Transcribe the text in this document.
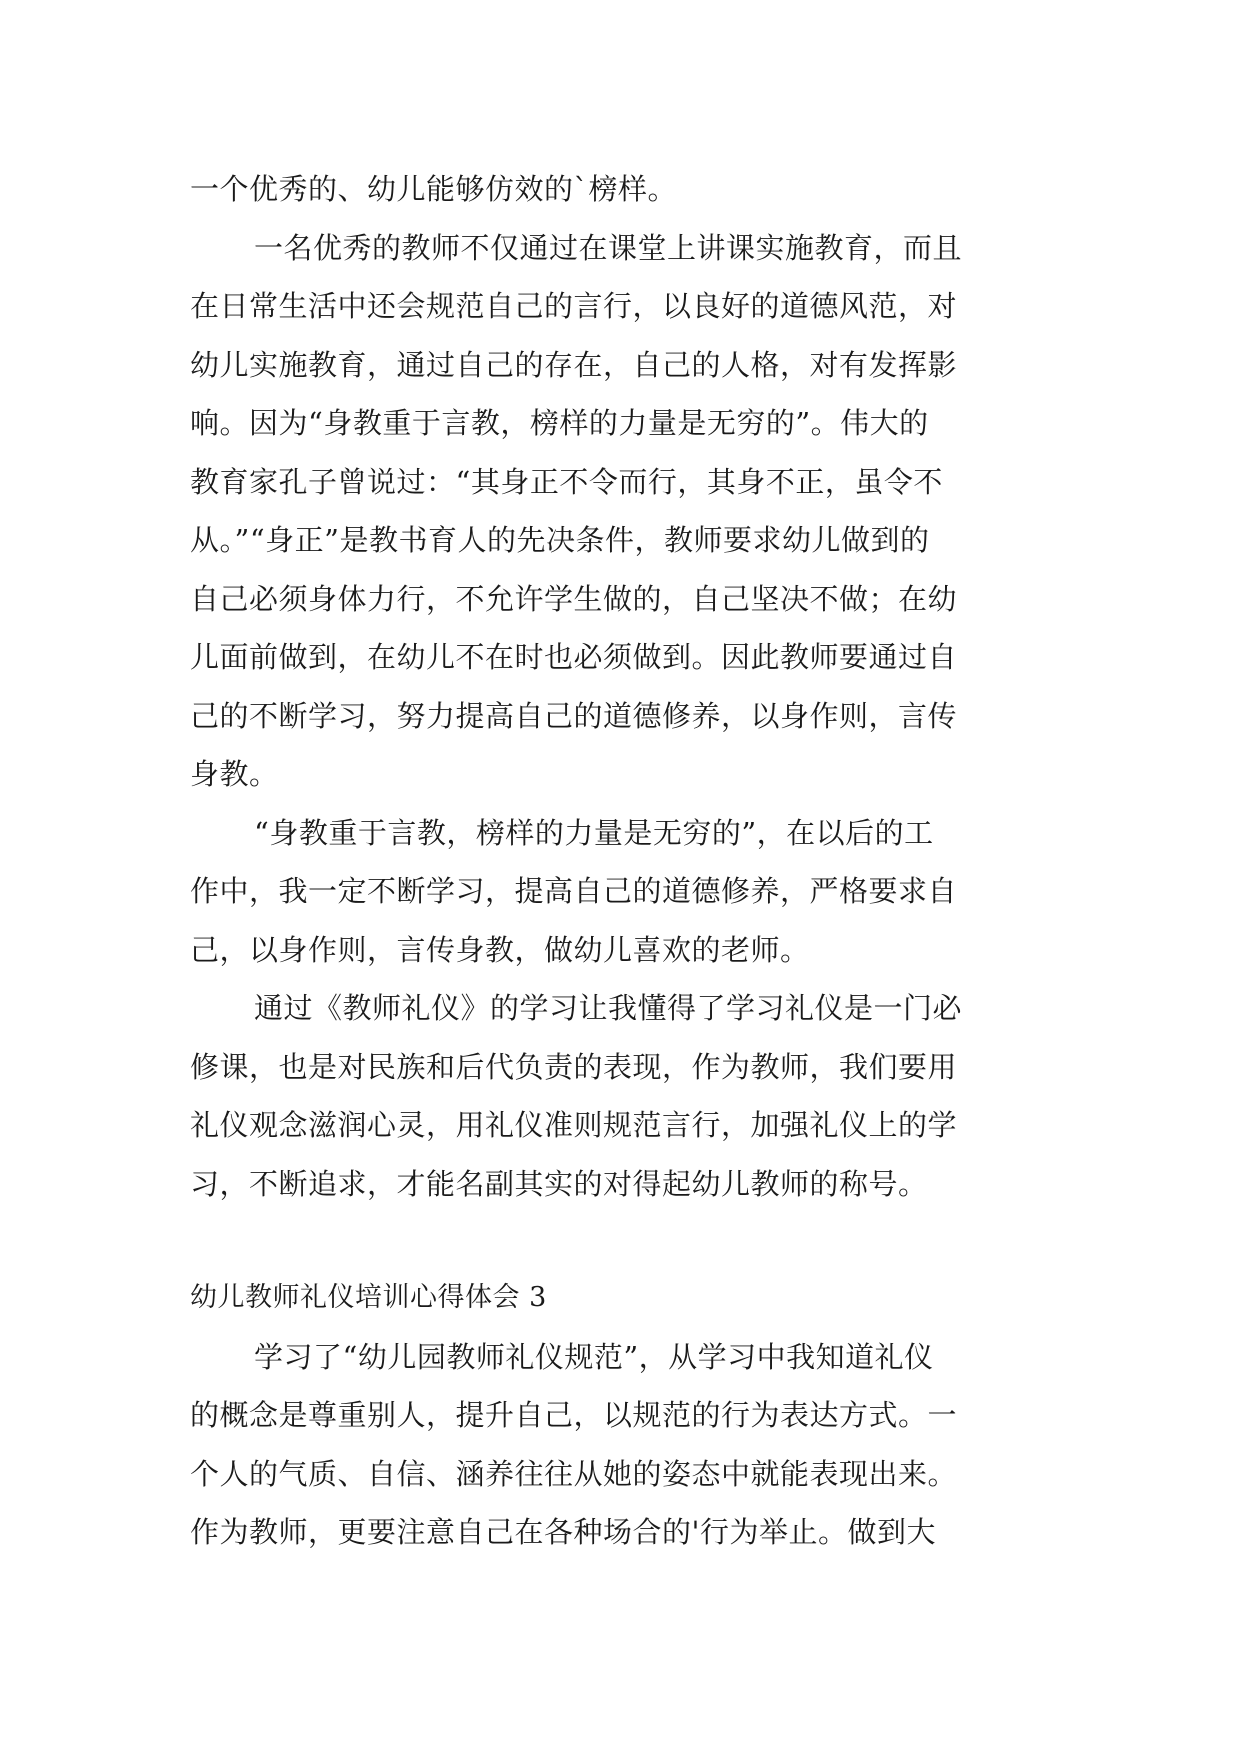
一个优秀的、幼儿能够仿效的`榜样。
一名优秀的教师不仅通过在课堂上讲课实施教育，而且
在日常生活中还会规范自己的言行，以良好的道德风范，对
幼儿实施教育，通过自己的存在，自己的人格，对有发挥影
响。因为“身教重于言教，榜样的力量是无穷的”。伟大的
教育家孔子曾说过：“其身正不令而行，其身不正，虽令不
从。”“身正”是教书育人的先决条件，教师要求幼儿做到的
自己必须身体力行，不允许学生做的，自己坚决不做；在幼
儿面前做到，在幼儿不在时也必须做到。因此教师要通过自
己的不断学习，努力提高自己的道德修养，以身作则，言传
身教。
“身教重于言教，榜样的力量是无穷的”，在以后的工
作中，我一定不断学习，提高自己的道德修养，严格要求自
己，以身作则，言传身教，做幼儿喜欢的老师。
通过《教师礼仪》的学习让我懂得了学习礼仪是一门必
修课，也是对民族和后代负责的表现，作为教师，我们要用
礼仪观念滋润心灵，用礼仪准则规范言行，加强礼仪上的学
习，不断追求，才能名副其实的对得起幼儿教师的称号。
幼儿教师礼仪培训心得体会 3
学习了“幼儿园教师礼仪规范”，从学习中我知道礼仪
的概念是尊重别人，提升自己，以规范的行为表达方式。一
个人的气质、自信、涵养往往从她的姿态中就能表现出来。
作为教师，更要注意自己在各种场合的'行为举止。做到大
